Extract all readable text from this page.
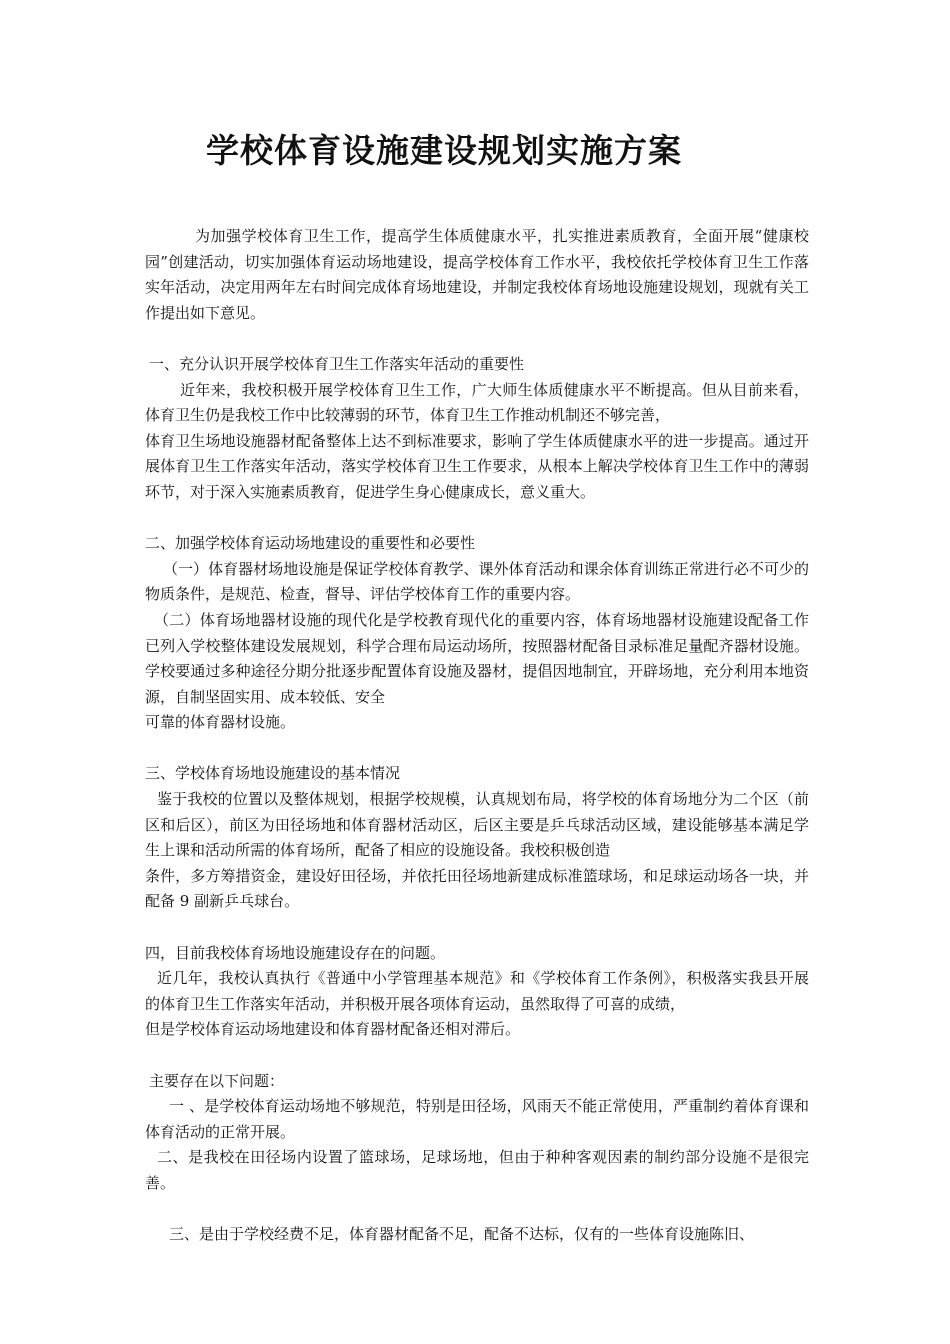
学校体育设施建设规划实施方案

为加强学校体育卫生工作，提高学生体质健康水平，扎实推进素质教育，全面开展“健康校园”创建活动，切实加强体育运动场地建设，提高学校体育工作水平，我校依托学校体育卫生工作落实年活动，决定用两年左右时间完成体育场地建设，并制定我校体育场地设施建设规划，现就有关工作提出如下意见。

一、充分认识开展学校体育卫生工作落实年活动的重要性

近年来，我校积极开展学校体育卫生工作，广大师生体质健康水平不断提高。但从目前来看，体育卫生仍是我校工作中比较薄弱的环节，体育卫生工作推动机制还不够完善，

体育卫生场地设施器材配备整体上达不到标准要求，影响了学生体质健康水平的进一步提高。通过开展体育卫生工作落实年活动，落实学校体育卫生工作要求，从根本上解决学校体育卫生工作中的薄弱环节，对于深入实施素质教育，促进学生身心健康成长，意义重大。

二、加强学校体育运动场地建设的重要性和必要性

（一）体育器材场地设施是保证学校体育教学、课外体育活动和课余体育训练正常进行必不可少的物质条件，是规范、检查，督导、评估学校体育工作的重要内容。

（二）体育场地器材设施的现代化是学校教育现代化的重要内容，体育场地器材设施建设配备工作已列入学校整体建设发展规划，科学合理布局运动场所，按照器材配备目录标准足量配齐器材设施。学校要通过多种途径分期分批逐步配置体育设施及器材，提倡因地制宜，开辟场地，充分利用本地资源，自制坚固实用、成本较低、安全

可靠的体育器材设施。

三、学校体育场地设施建设的基本情况

鉴于我校的位置以及整体规划，根据学校规模，认真规划布局，将学校的体育场地分为二个区（前区和后区），前区为田径场地和体育器材活动区，后区主要是乒乓球活动区域，建设能够基本满足学生上课和活动所需的体育场所，配备了相应的设施设备。我校积极创造

条件，多方筹措资金，建设好田径场，并依托田径场地新建成标准篮球场，和足球运动场各一块，并配备 9 副新乒乓球台。

四，目前我校体育场地设施建设存在的问题。

近几年，我校认真执行《普通中小学管理基本规范》和《学校体育工作条例》，积极落实我县开展的体育卫生工作落实年活动，并积极开展各项体育运动，虽然取得了可喜的成绩，

但是学校体育运动场地建设和体育器材配备还相对滞后。

主要存在以下问题：

一 、是学校体育运动场地不够规范，特别是田径场，风雨天不能正常使用，严重制约着体育课和体育活动的正常开展。

二、是我校在田径场内设置了篮球场，足球场地，但由于种种客观因素的制约部分设施不是很完善。

三、是由于学校经费不足，体育器材配备不足，配备不达标，仅有的一些体育设施陈旧、
